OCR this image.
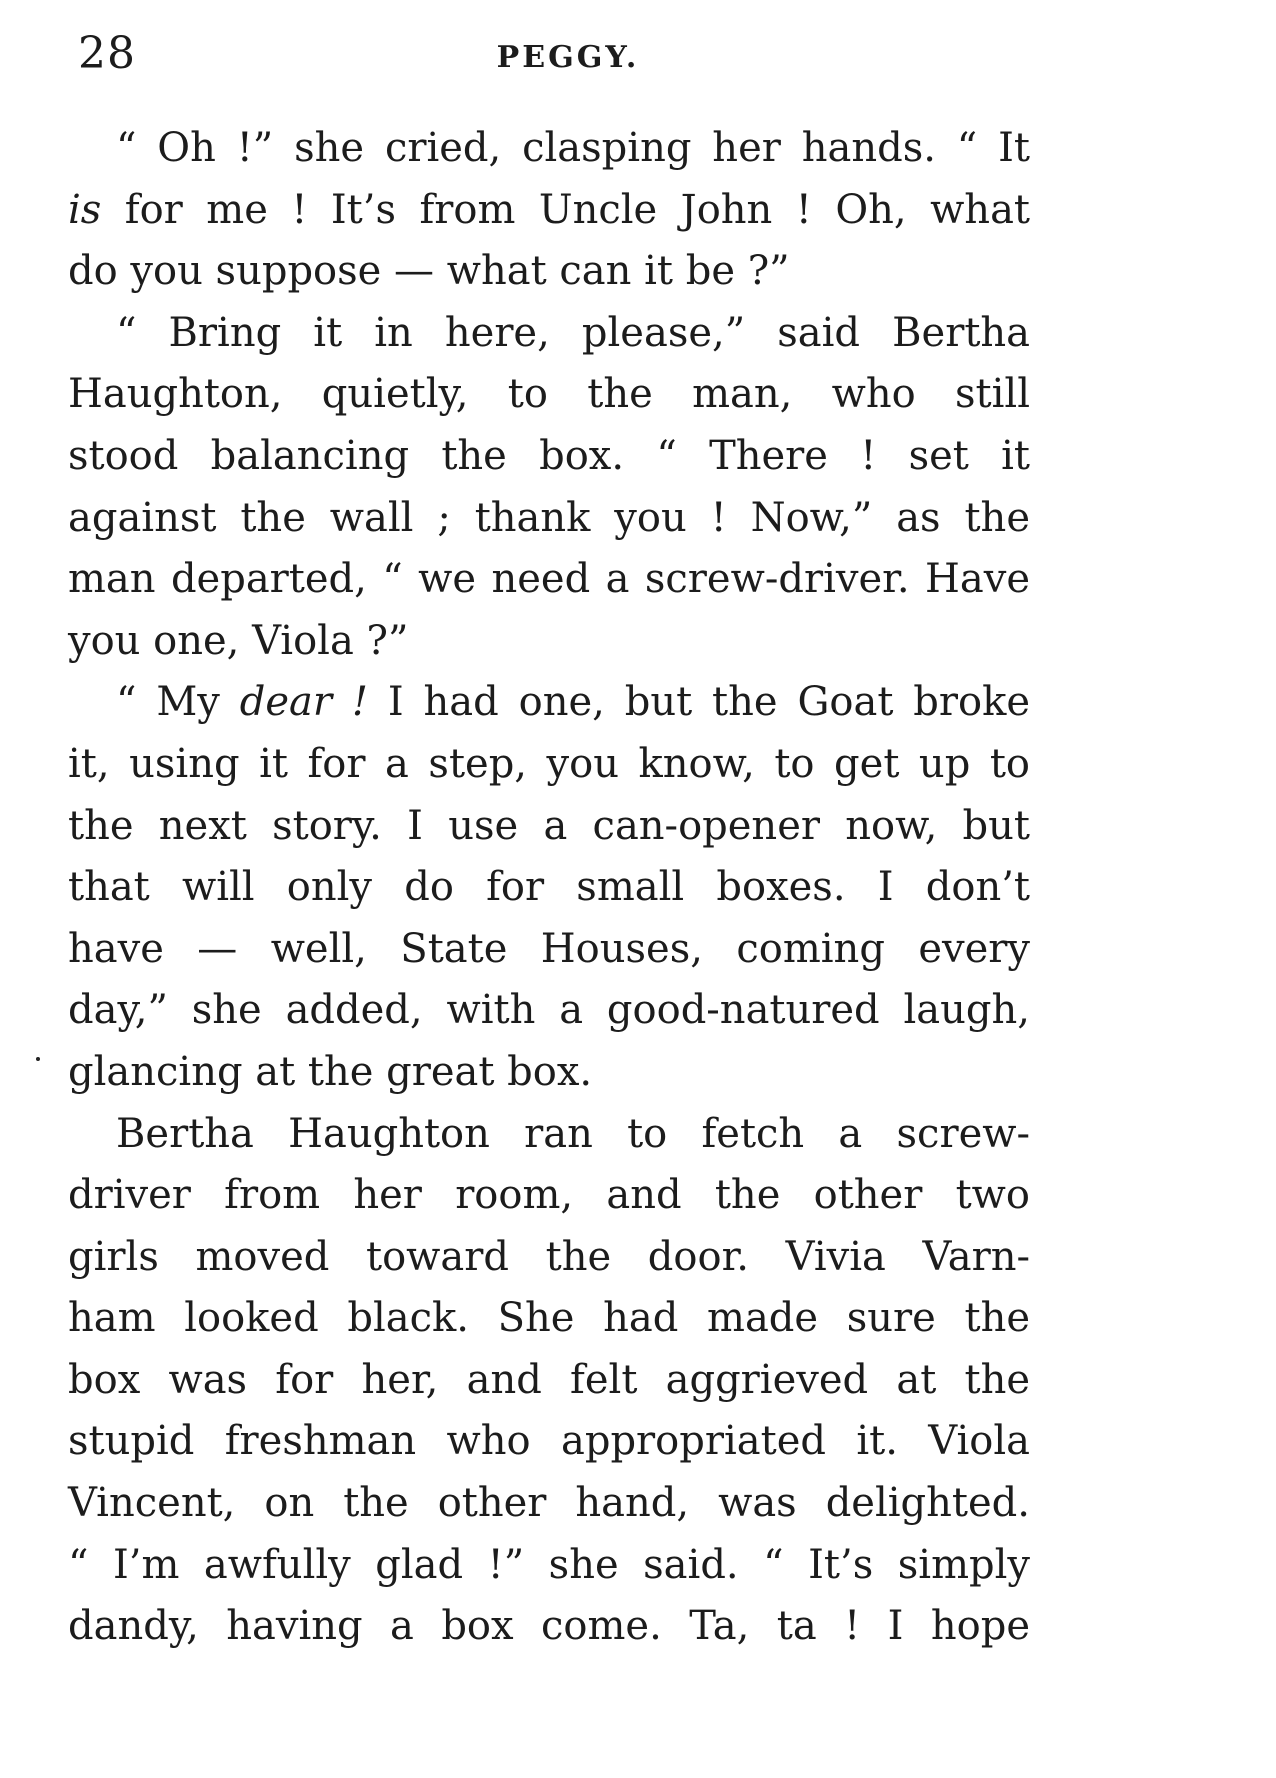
28	PEGGY.

“ Oh !” she cried, clasping her hands. “ It
is for me ! It’s from Uncle John ! Oh, what
do you suppose — what can it be ?”

“ Bring it in here, please,” said Bertha
Haughton, quietly, to the man, who still
stood balancing the box. “ There ! set it
against the wall ; thank you ! Now,” as the
man departed, “ we need a screw-driver. Have
you one, Viola ?”

“ My dear ! I had one, but the Goat broke
it, using it for a step, you know, to get up to
the next story. I use a can-opener now, but
that will only do for small boxes. I don’t
have — well, State Houses, coming every
day,” she added, with a good-natured laugh,
glancing at the great box.

Bertha Haughton ran to fetch a screw-
driver from her room, and the other two
girls moved toward the door. Vivia Varn-
ham looked black. She had made sure the
box was for her, and felt aggrieved at the
stupid freshman who appropriated it. Viola
Vincent, on the other hand, was delighted.
“ I’m awfully glad !” she said. “ It’s simply
dandy, having a box come. Ta, ta ! I hope
